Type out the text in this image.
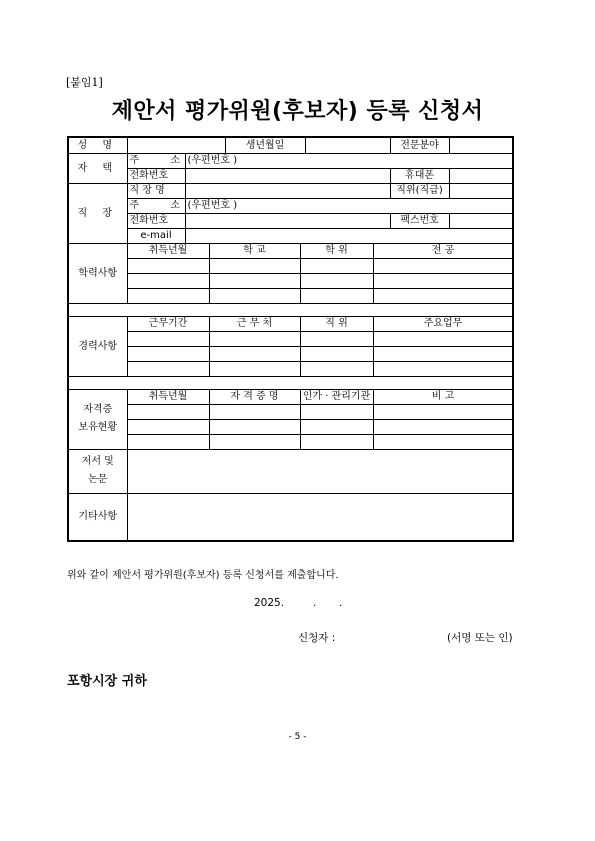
[붙임1]
제안서 평가위원(후보자) 등록 신청서
성 명				생년월일				전문분야	
자 택	주 소	(우편번호 )							
	전화번호							휴대폰	
직 장	직 장 명							직위(직급)	
	주 소	(우편번호 )							
	전화번호							팩스번호	
	e-mail								
학력사항	취득년월		학 교		학 위		전 공		

경력사항	근무기간		근 무 처		직 위		주요업무		

자격증
보유현황	취득년월		자 격 증 명		인가 · 관리기관		비 고		

저서 및
논문									

기타사항									
위와 같이 제안서 평가위원(후보자) 등록 신청서를 제출합니다.
2025.	. .
신청자 :	(서명 또는 인)
포항시장 귀하
- 5 -
